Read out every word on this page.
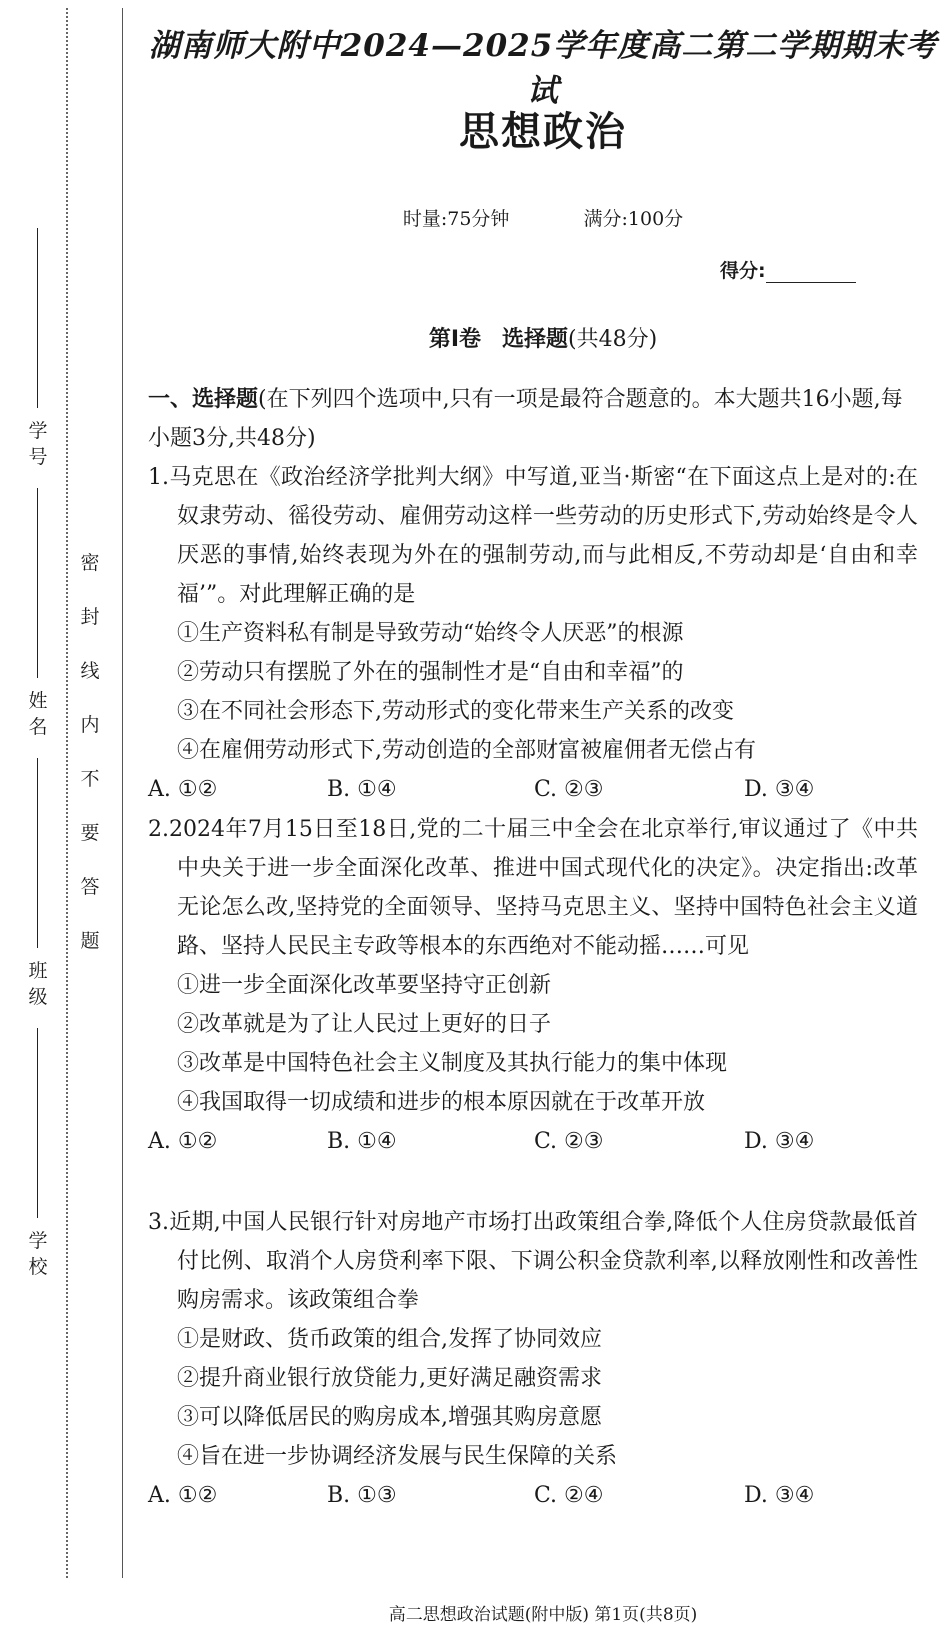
学号
姓名
班级
学校
密封线内不要答题
湖南师大附中2024—2025学年度高二第二学期期末考试
思想政治
时量:75分钟	满分:100分
得分:
第Ⅰ卷 选择题(共48分)
一、选择题(在下列四个选项中,只有一项是最符合题意的。本大题共16小题,每小题3分,共48分)
1.马克思在《政治经济学批判大纲》中写道,亚当·斯密“在下面这点上是对的:在奴隶劳动、徭役劳动、雇佣劳动这样一些劳动的历史形式下,劳动始终是令人厌恶的事情,始终表现为外在的强制劳动,而与此相反,不劳动却是‘自由和幸福’”。对此理解正确的是
①生产资料私有制是导致劳动“始终令人厌恶”的根源
②劳动只有摆脱了外在的强制性才是“自由和幸福”的
③在不同社会形态下,劳动形式的变化带来生产关系的改变
④在雇佣劳动形式下,劳动创造的全部财富被雇佣者无偿占有
A. ①②	B. ①④	C. ②③	D. ③④
2.2024年7月15日至18日,党的二十届三中全会在北京举行,审议通过了《中共中央关于进一步全面深化改革、推进中国式现代化的决定》。决定指出:改革无论怎么改,坚持党的全面领导、坚持马克思主义、坚持中国特色社会主义道路、坚持人民民主专政等根本的东西绝对不能动摇……可见
①进一步全面深化改革要坚持守正创新
②改革就是为了让人民过上更好的日子
③改革是中国特色社会主义制度及其执行能力的集中体现
④我国取得一切成绩和进步的根本原因就在于改革开放
A. ①②	B. ①④	C. ②③	D. ③④
3.近期,中国人民银行针对房地产市场打出政策组合拳,降低个人住房贷款最低首付比例、取消个人房贷利率下限、下调公积金贷款利率,以释放刚性和改善性购房需求。该政策组合拳
①是财政、货币政策的组合,发挥了协同效应
②提升商业银行放贷能力,更好满足融资需求
③可以降低居民的购房成本,增强其购房意愿
④旨在进一步协调经济发展与民生保障的关系
A. ①②	B. ①③	C. ②④	D. ③④
高二思想政治试题(附中版) 第1页(共8页)
